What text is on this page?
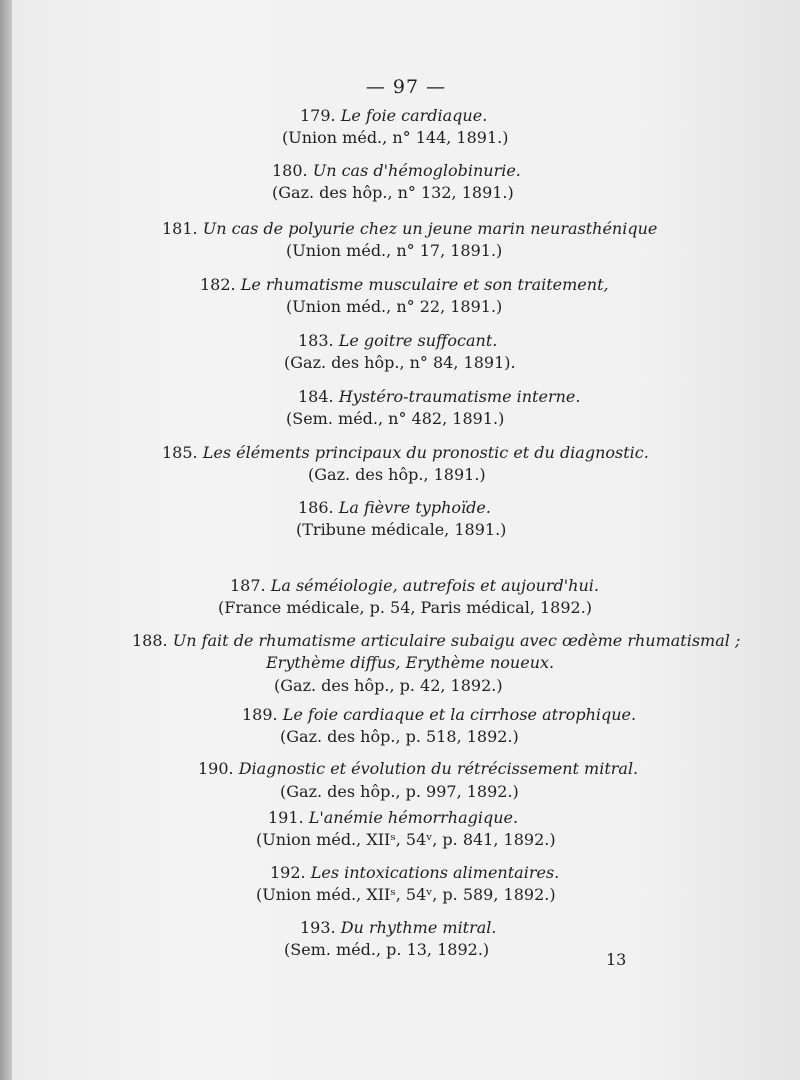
— 97 —
179. Le foie cardiaque.
(Union méd., n° 144, 1891.)
180. Un cas d'hémoglobinurie.
(Gaz. des hôp., n° 132, 1891.)
181. Un cas de polyurie chez un jeune marin neurasthénique
(Union méd., n° 17, 1891.)
182. Le rhumatisme musculaire et son traitement,
(Union méd., n° 22, 1891.)
183. Le goitre suffocant.
(Gaz. des hôp., n° 84, 1891).
184. Hystéro-traumatisme interne.
(Sem. méd., n° 482, 1891.)
185. Les éléments principaux du pronostic et du diagnostic.
(Gaz. des hôp., 1891.)
186. La fièvre typhoïde.
(Tribune médicale, 1891.)
187. La séméiologie, autrefois et aujourd'hui.
(France médicale, p. 54, Paris médical, 1892.)
188. Un fait de rhumatisme articulaire subaigu avec œdème rhumatismal ;
Erythème diffus, Erythème noueux.
(Gaz. des hôp., p. 42, 1892.)
189. Le foie cardiaque et la cirrhose atrophique.
(Gaz. des hôp., p. 518, 1892.)
190. Diagnostic et évolution du rétrécissement mitral.
(Gaz. des hôp., p. 997, 1892.)
191. L'anémie hémorrhagique.
(Union méd., XIIˢ, 54ᵛ, p. 841, 1892.)
192. Les intoxications alimentaires.
(Union méd., XIIˢ, 54ᵛ, p. 589, 1892.)
193. Du rhythme mitral.
(Sem. méd., p. 13, 1892.)
13
